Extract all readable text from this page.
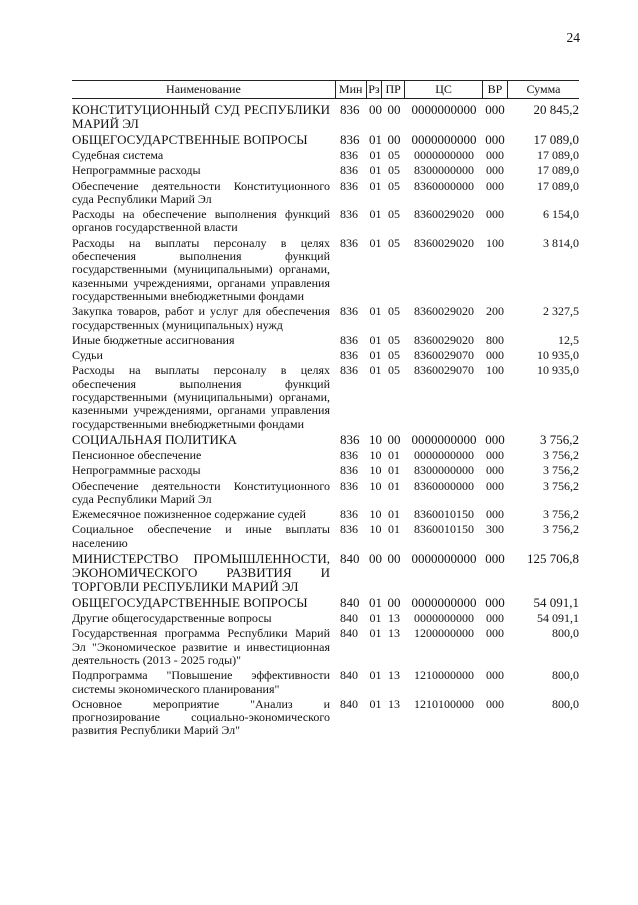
24
Наименование	Мин Рз ПР	ЦС	ВР	Сумма
КОНСТИТУЦИОННЫЙ СУД РЕСПУБЛИКИ МАРИЙ ЭЛ
836 00 00 0000000000 000	20 845,2
ОБЩЕГОСУДАРСТВЕННЫЕ ВОПРОСЫ	836 01 00 0000000000 000	17 089,0
Судебная система	836 01 05	0000000000	000	17 089,0
Непрограммные расходы	836 01 05	8300000000	000	17 089,0
Обеспечение деятельности Конституционного суда Республики Марий Эл
836 01 05	8360000000	000	17 089,0
Расходы на обеспечение выполнения функций органов государственной власти
836 01 05	8360029020	000	6 154,0
Расходы на выплаты персоналу в целях обеспечения выполнения функций государственными (муниципальными) органами, казенными учреждениями, органами управления государственными внебюджетными фондами
836 01 05	8360029020	100	3 814,0
Закупка товаров, работ и услуг для обеспечения государственных (муниципальных) нужд
836 01 05	8360029020	200	2 327,5
Иные бюджетные ассигнования	836 01 05	8360029020	800	12,5
Судьи	836 01 05	8360029070	000	10 935,0
Расходы на выплаты персоналу в целях обеспечения выполнения функций государственными (муниципальными) органами, казенными учреждениями, органами управления государственными внебюджетными фондами
836 01 05	8360029070	100	10 935,0
СОЦИАЛЬНАЯ ПОЛИТИКА	836 10 00 0000000000 000	3 756,2
Пенсионное обеспечение	836 10 01	0000000000	000	3 756,2
Непрограммные расходы	836 10 01	8300000000	000	3 756,2
Обеспечение деятельности Конституционного суда Республики Марий Эл
836 10 01	8360000000	000	3 756,2
Ежемесячное пожизненное содержание судей	836 10 01	8360010150	000	3 756,2
Социальное обеспечение и иные выплаты населению
836 10 01	8360010150	300	3 756,2
МИНИСТЕРСТВО ПРОМЫШЛЕННОСТИ, ЭКОНОМИЧЕСКОГО РАЗВИТИЯ И ТОРГОВЛИ РЕСПУБЛИКИ МАРИЙ ЭЛ
840 00 00 0000000000 000	125 706,8
ОБЩЕГОСУДАРСТВЕННЫЕ ВОПРОСЫ	840 01 00 0000000000 000	54 091,1
Другие общегосударственные вопросы	840 01 13	0000000000	000	54 091,1
Государственная программа Республики Марий Эл "Экономическое развитие и инвестиционная деятельность (2013 - 2025 годы)"
840 01 13	1200000000	000	800,0
Подпрограмма "Повышение эффективности системы экономического планирования"
840 01 13	1210000000	000	800,0
Основное мероприятие "Анализ и прогнозирование социально-экономического развития Республики Марий Эл"
840 01 13	1210100000	000	800,0
